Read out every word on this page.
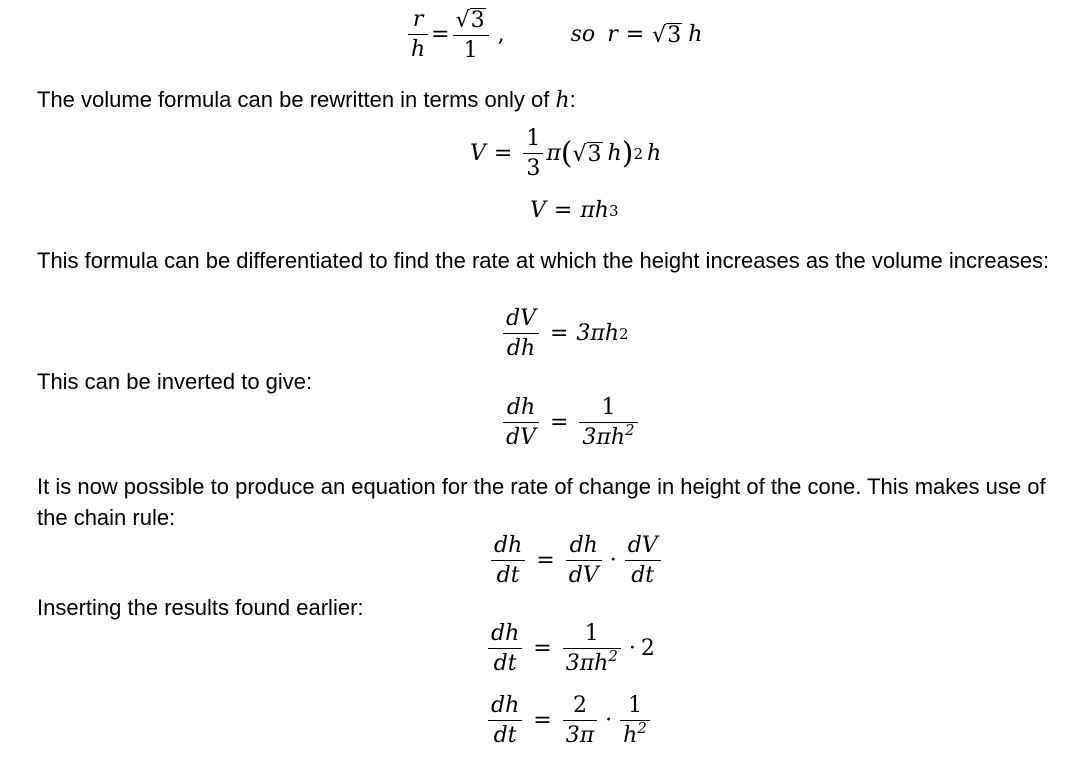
$\frac{r}{h} = \frac{√ 3}{1}$ ,	so r = √ 3 h
The volume formula can be rewritten in terms only of h:
$V = \frac{1}{3}$ π ( √ 3 h ) 2 h
V = πh 3
This formula can be differentiated to find the rate at which the height increases as the volume increases:
$\frac{dV}{dh} = 3\pi h$ 2
This can be inverted to give:
$\frac{dh}{dV} = \frac{1}{3\pi h^2}$
It is now possible to produce an equation for the rate of change in height of the cone. This makes use of the chain rule:
$\frac{dh}{dt} = \frac{dh}{dV} \cdot \frac{dV}{dt}$
Inserting the results found earlier:
$\frac{dh}{dt} = \frac{1}{3\pi h^2} \cdot 2$
$\frac{dh}{dt} = \frac{2}{3\pi} \cdot \frac{1}{h^2}$
